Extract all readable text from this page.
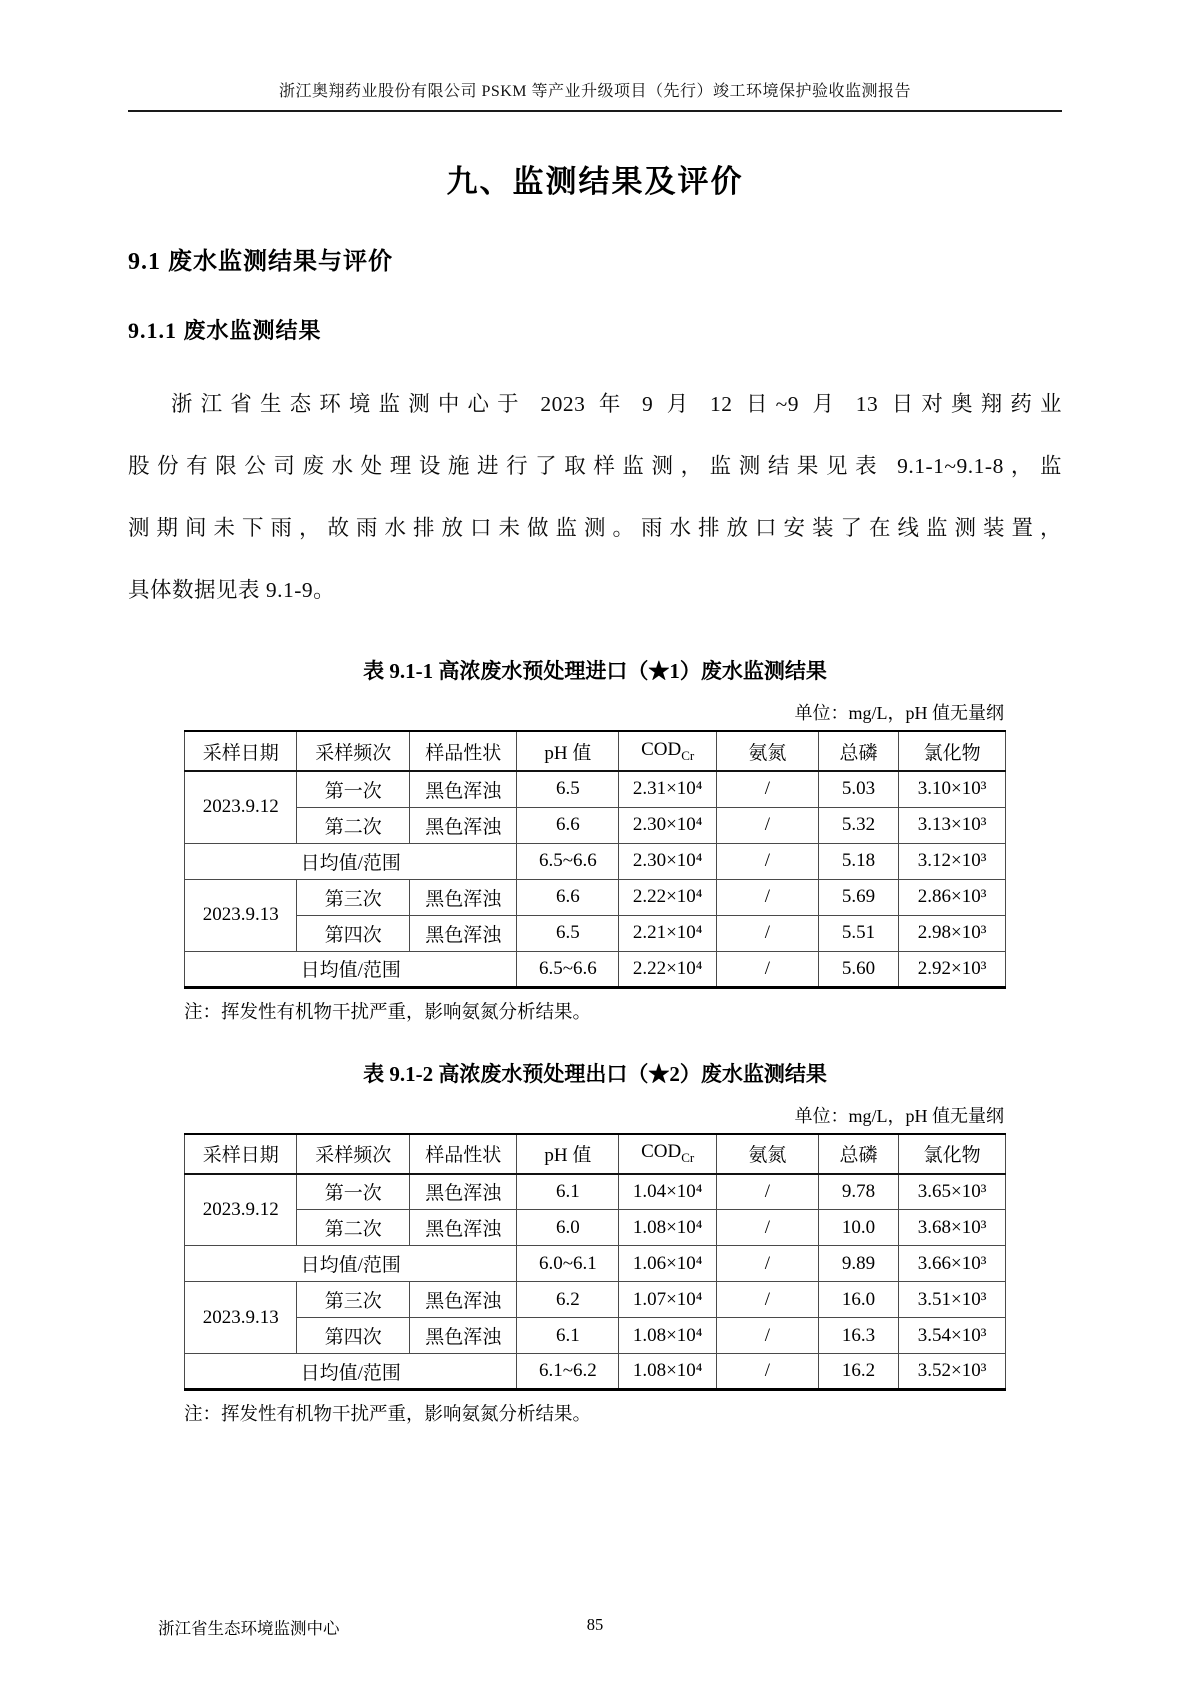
浙江奥翔药业股份有限公司 PSKM 等产业升级项目（先行）竣工环境保护验收监测报告
九、监测结果及评价
9.1 废水监测结果与评价
9.1.1 废水监测结果
浙江省生态环境监测中心于 2023 年 9 月 12 日~9 月 13 日对奥翔药业
股份有限公司废水处理设施进行了取样监测，监测结果见表 9.1-1~9.1-8，监
测期间未下雨，故雨水排放口未做监测。雨水排放口安装了在线监测装置，
具体数据见表 9.1-9。
表 9.1-1 高浓废水预处理进口（★1）废水监测结果
单位：mg/L，pH 值无量纲
采样日期	采样频次	样品性状	pH 值	$COD_{Cr}$	氨氮	总磷	氯化物
2023.9.12	第一次	黑色浑浊	6.5	2.31×10⁴	/	5.03	3.10×10³
	第二次	黑色浑浊	6.6	2.30×10⁴	/	5.32	3.13×10³
日均值/范围			6.5~6.6	2.30×10⁴	/	5.18	3.12×10³
2023.9.13	第三次	黑色浑浊	6.6	2.22×10⁴	/	5.69	2.86×10³
	第四次	黑色浑浊	6.5	2.21×10⁴	/	5.51	2.98×10³
日均值/范围			6.5~6.6	2.22×10⁴	/	5.60	2.92×10³
注：挥发性有机物干扰严重，影响氨氮分析结果。
表 9.1-2 高浓废水预处理出口（★2）废水监测结果
单位：mg/L，pH 值无量纲
采样日期	采样频次	样品性状	pH 值	$COD_{Cr}$	氨氮	总磷	氯化物
2023.9.12	第一次	黑色浑浊	6.1	1.04×10⁴	/	9.78	3.65×10³
	第二次	黑色浑浊	6.0	1.08×10⁴	/	10.0	3.68×10³
日均值/范围			6.0~6.1	1.06×10⁴	/	9.89	3.66×10³
2023.9.13	第三次	黑色浑浊	6.2	1.07×10⁴	/	16.0	3.51×10³
	第四次	黑色浑浊	6.1	1.08×10⁴	/	16.3	3.54×10³
日均值/范围			6.1~6.2	1.08×10⁴	/	16.2	3.52×10³
注：挥发性有机物干扰严重，影响氨氮分析结果。
浙江省生态环境监测中心	85
